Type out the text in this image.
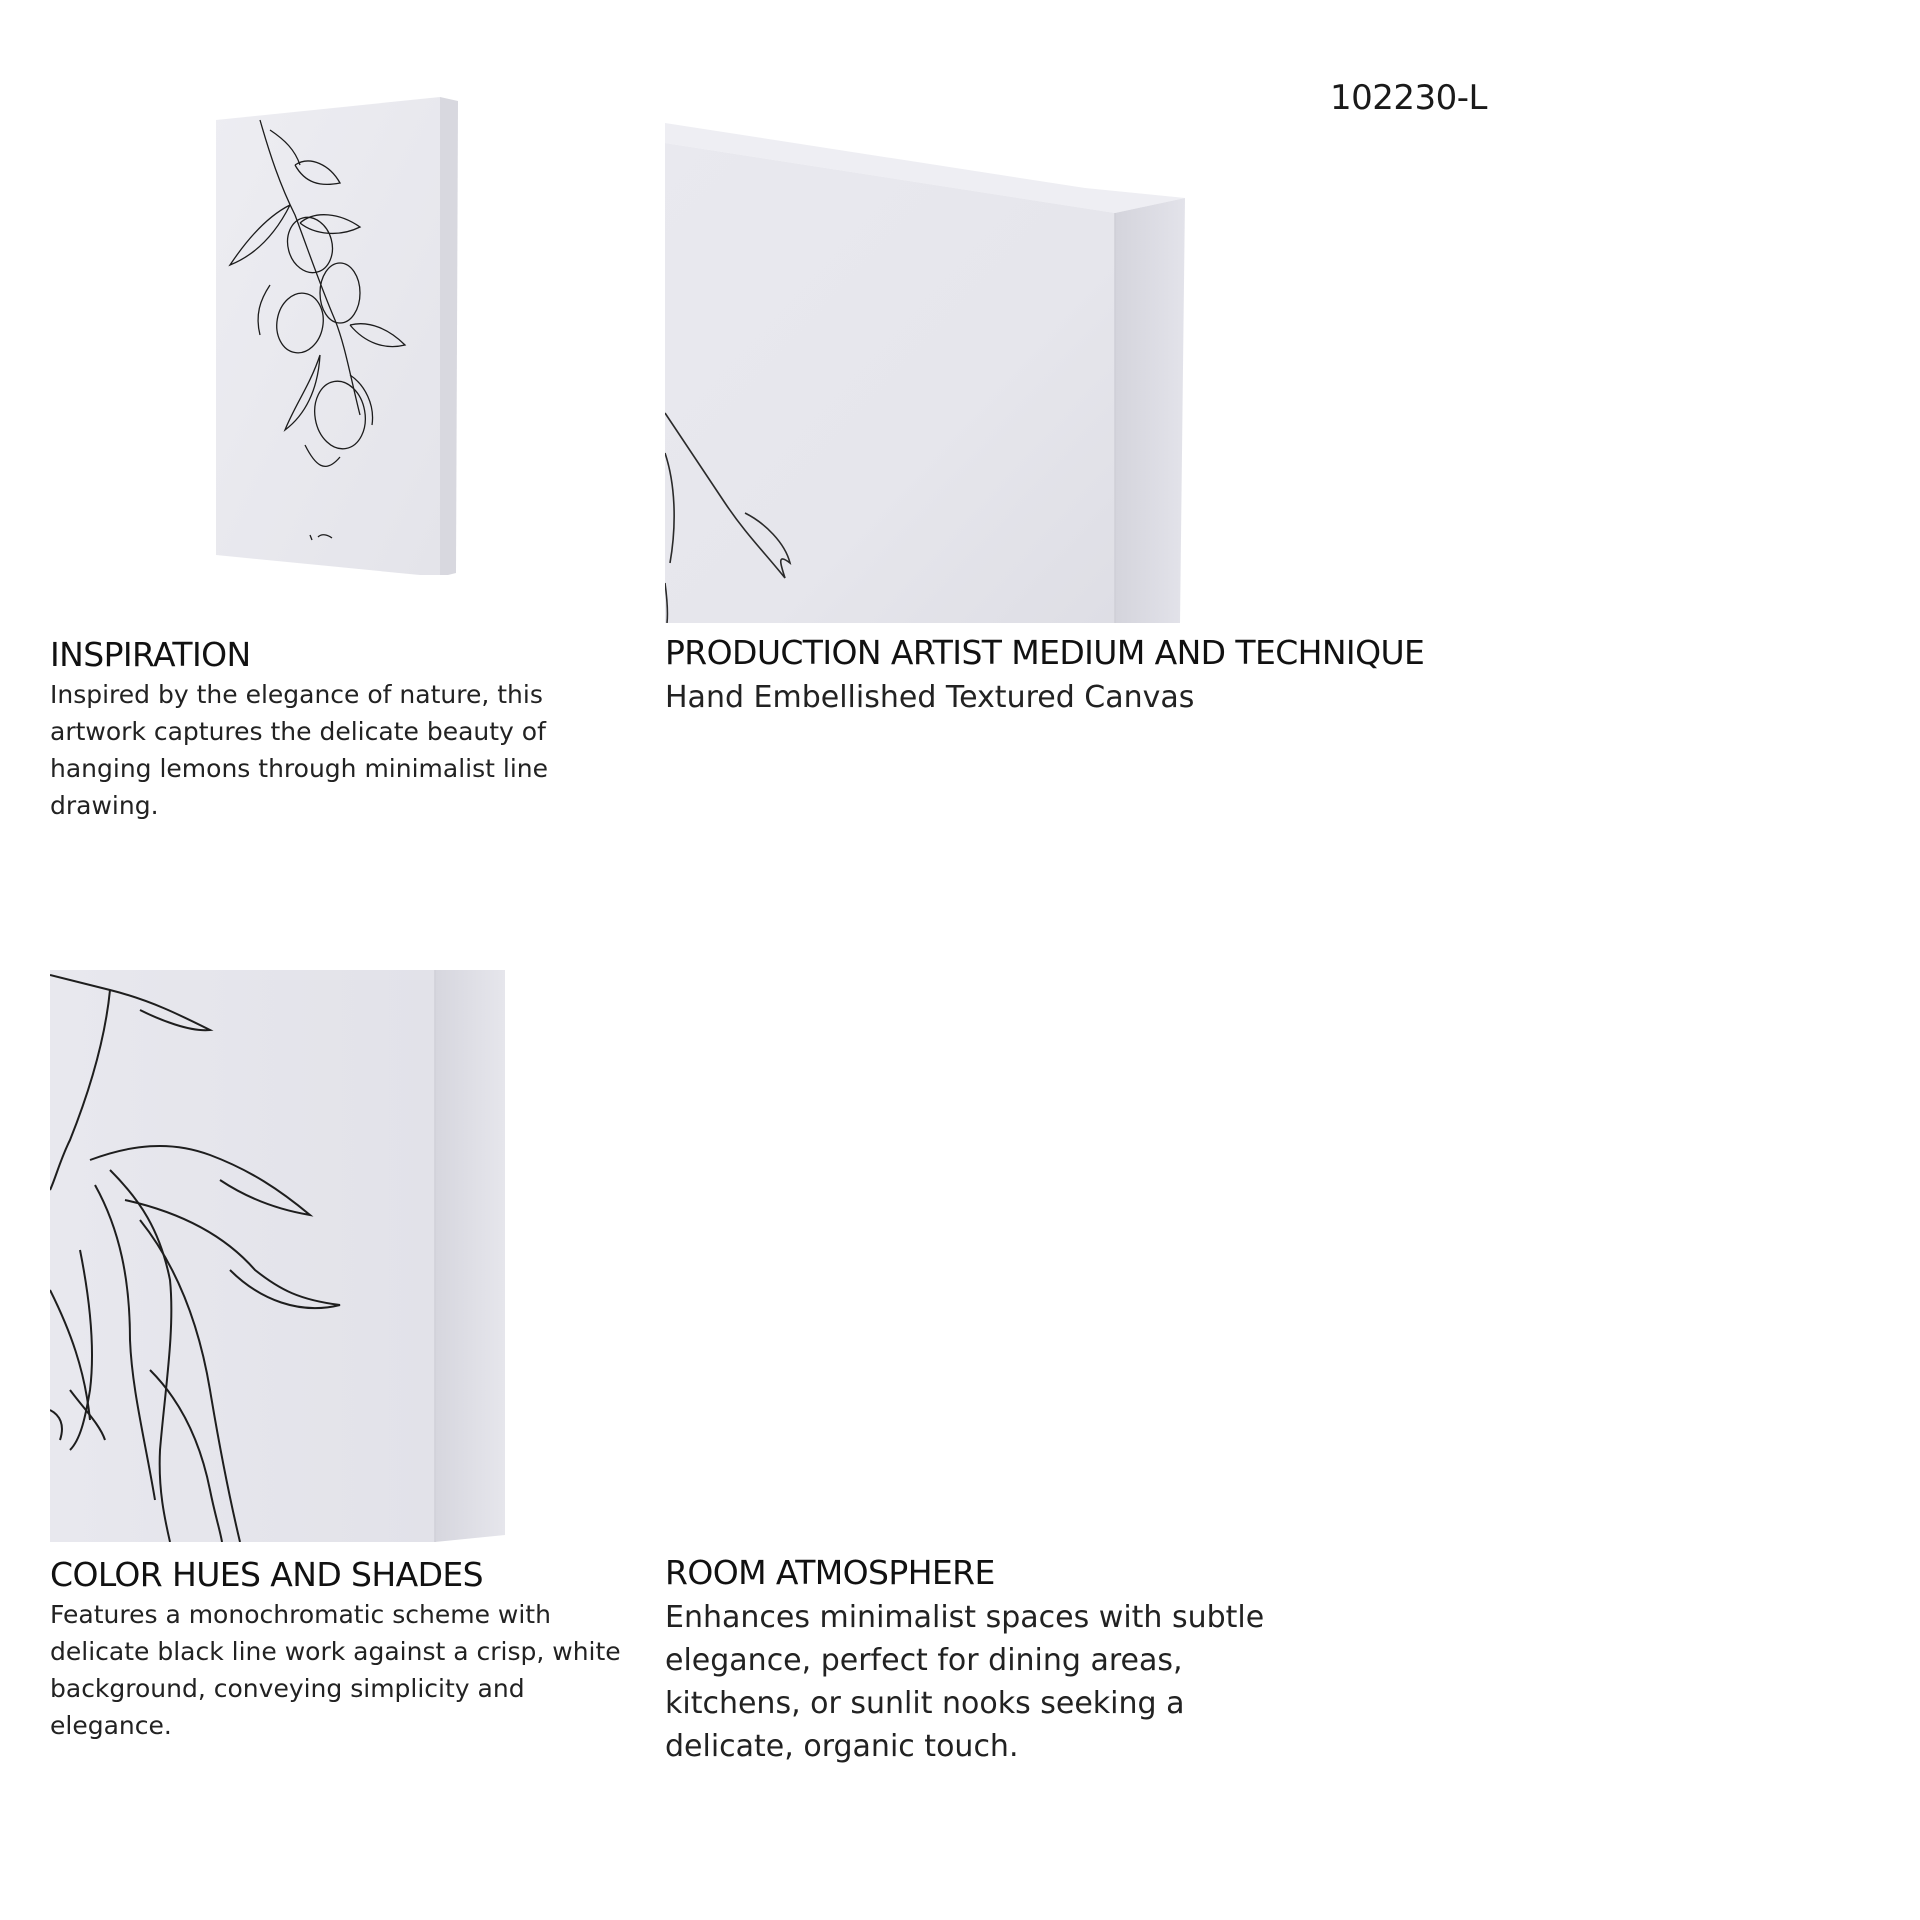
102230-L
INSPIRATION

Inspired by the elegance of nature, this artwork captures the delicate beauty of hanging lemons through minimalist line drawing.

PRODUCTION ARTIST MEDIUM AND TECHNIQUE

Hand Embellished Textured Canvas

COLOR HUES AND SHADES

Features a monochromatic scheme with delicate black line work against a crisp, white background, conveying simplicity and elegance.

ROOM ATMOSPHERE

Enhances minimalist spaces with subtle elegance, perfect for dining areas, kitchens, or sunlit nooks seeking a delicate, organic touch.
